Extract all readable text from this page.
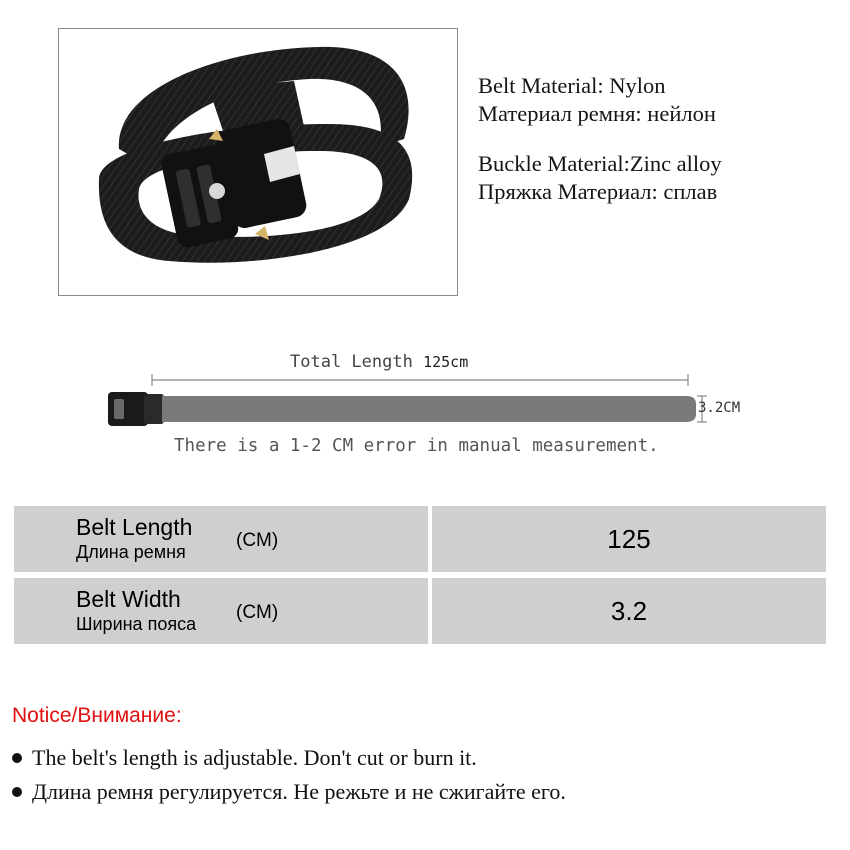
Belt Material: Nylon
Материал ремня: нейлон
Buckle Material:Zinc alloy
Пряжка Материал: сплав
Total Length 125cm
3.2CM
There is a 1-2 CM error in manual measurement.
Belt Length
Длина ремня
(CM)	125
Belt Width
Ширина пояса
(CM)	3.2
Notice/Внимание:
The belt's length is adjustable. Don't cut or burn it.
Длина ремня регулируется. Не режьте и не сжигайте его.
